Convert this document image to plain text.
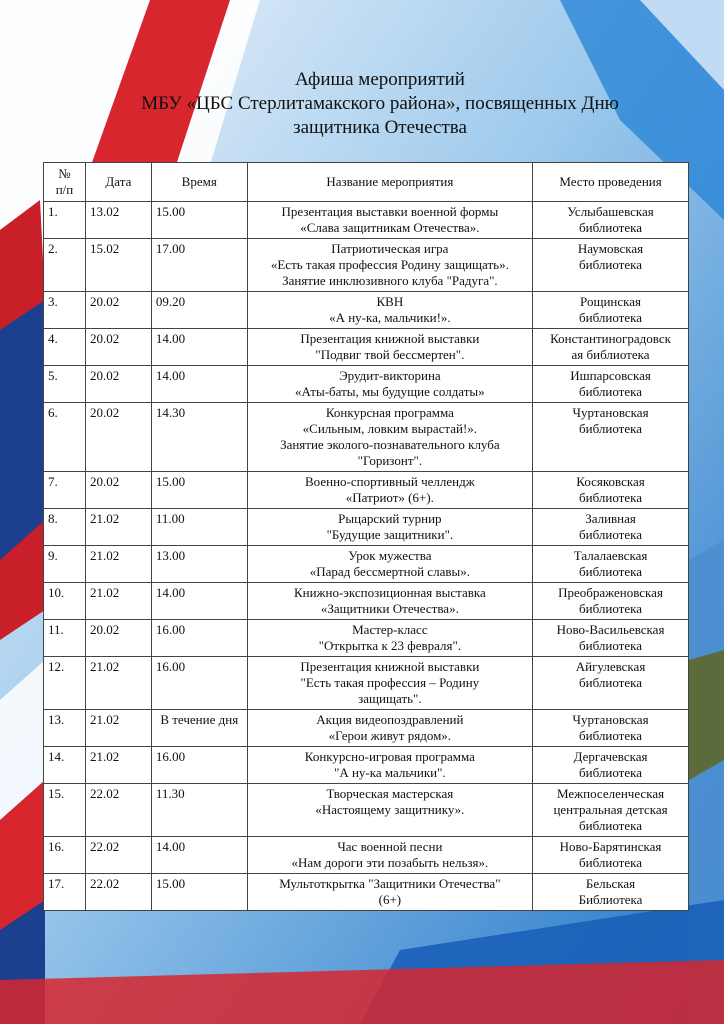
Афиша мероприятий
МБУ «ЦБС Стерлитамакского района», посвященных Дню
защитника Отечества
№
п/п	Дата	Время	Название мероприятия	Место проведения
1.	13.02	15.00	Презентация выставки военной формы
«Слава защитникам Отечества».	Услыбашевская
библиотека

2.	15.02	17.00	Патриотическая игра
«Есть такая профессия Родину защищать».
Занятие инклюзивного клуба "Радуга".	Наумовская
библиотека

3.	20.02	09.20	КВН
«А ну-ка, мальчики!».	Рощинская
библиотека

4.	20.02	14.00	Презентация книжной выставки
"Подвиг твой бессмертен".	Константиноградовск
ая библиотека

5.	20.02	14.00	Эрудит-викторина
«Аты-баты, мы будущие солдаты»	Ишпарсовская
библиотека

6.	20.02	14.30	Конкурсная программа
«Сильным, ловким вырастай!».
Занятие эколого-познавательного клуба
"Горизонт".	Чуртановская
библиотека

7.	20.02	15.00	Военно-спортивный челлендж
«Патриот» (6+).	Косяковская
библиотека

8.	21.02	11.00	Рыцарский турнир
"Будущие защитники".	Заливная
библиотека

9.	21.02	13.00	Урок мужества
«Парад бессмертной славы».	Талалаевская
библиотека

10.	21.02	14.00	Книжно-экспозиционная выставка
«Защитники Отечества».	Преображеновская
библиотека

11.	20.02	16.00	Мастер-класс
"Открытка к 23 февраля".	Ново-Васильевская
библиотека

12.	21.02	16.00	Презентация книжной выставки
"Есть такая профессия – Родину
защищать".	Айгулевская
библиотека

13.	21.02	В течение дня	Акция видеопоздравлений
«Герои живут рядом».	Чуртановская
библиотека

14.	21.02	16.00	Конкурсно-игровая программа
"А ну-ка мальчики".	Дергачевская
библиотека

15.	22.02	11.30	Творческая мастерская
«Настоящему защитнику».	Межпоселенческая
центральная детская
библиотека

16.	22.02	14.00	Час военной песни
«Нам дороги эти позабыть нельзя».	Ново-Барятинская
библиотека

17.	22.02	15.00	Мультоткрытка "Защитники Отечества"
(6+)	Бельская
Библиотека
